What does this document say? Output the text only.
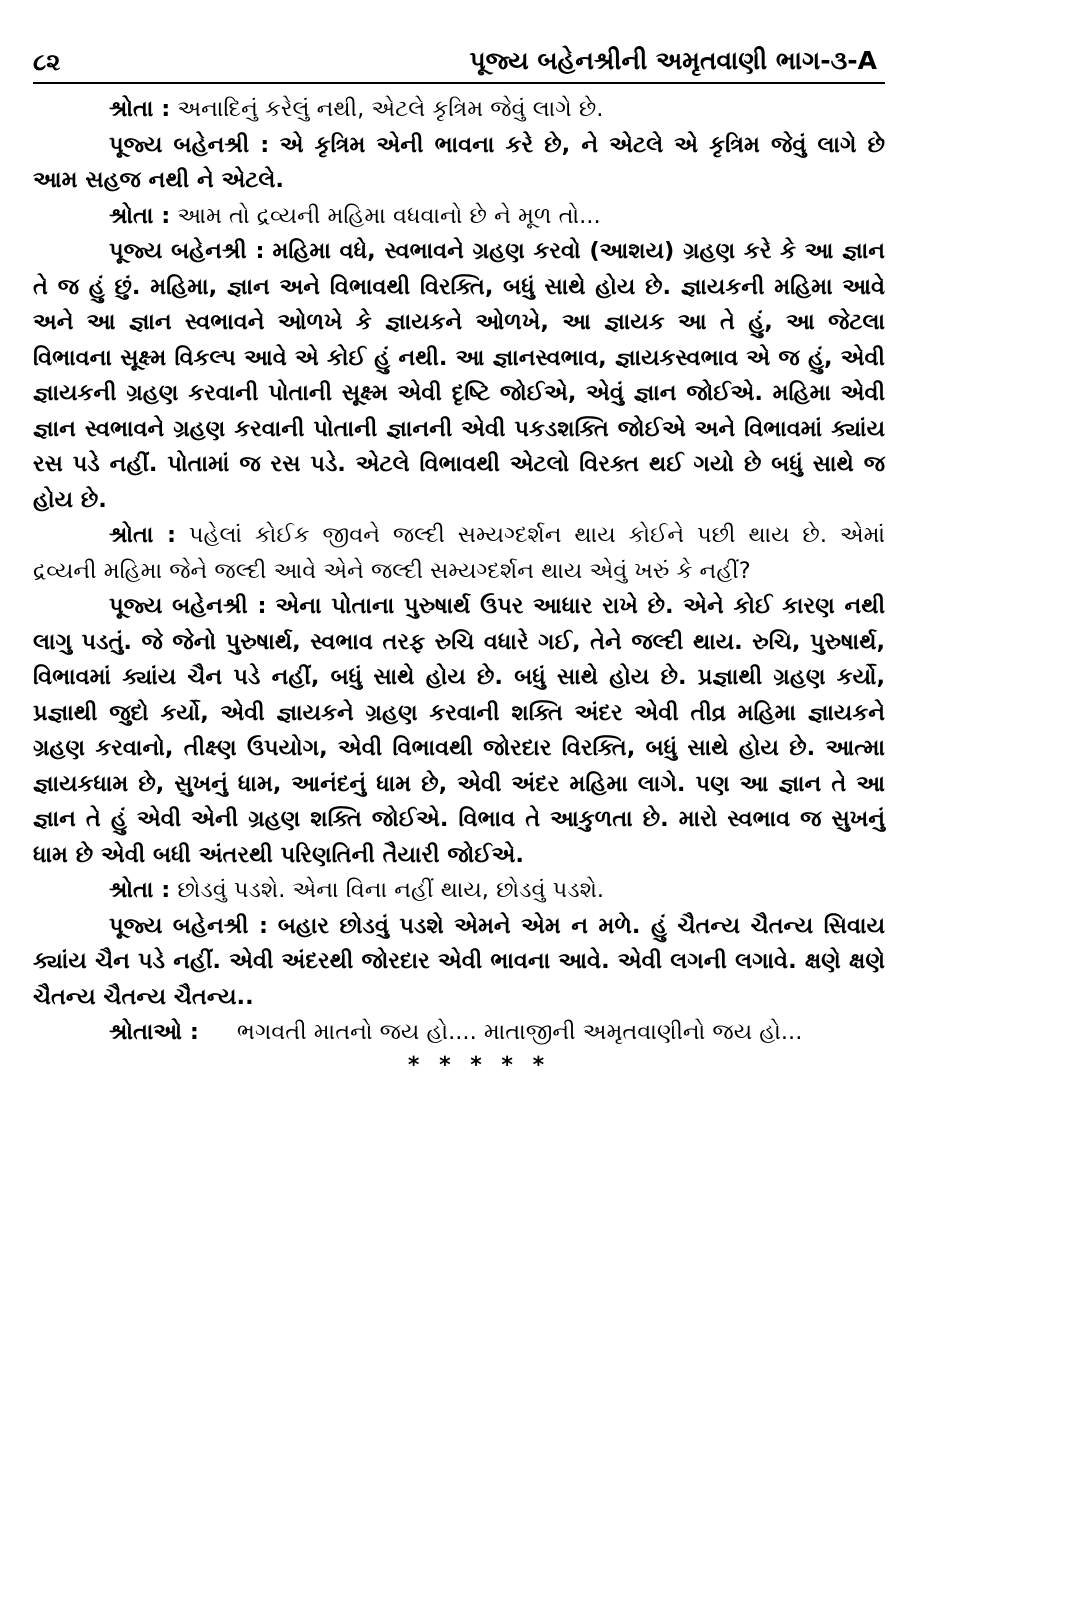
૮૨	પૂજ્ય બહેનશ્રીની અમૃતવાણી ભાગ-૩-A

શ્રોતા : અનાદિનું કરેલું નથી, એટલે કૃત્રિમ જેવું લાગે છે.

પૂજ્ય બહેનશ્રી : એ કૃત્રિમ એની ભાવના કરે છે, ને એટલે એ કૃત્રિમ જેવું લાગે છે આમ સહજ નથી ને એટલે.

શ્રોતા : આમ તો દ્રવ્યની મહિમા વધવાનો છે ને મૂળ તો...

પૂજ્ય બહેનશ્રી : મહિમા વધે, સ્વભાવને ગ્રહણ કરવો (આશય) ગ્રહણ કરે કે આ જ્ઞાન તે જ હું છું. મહિમા, જ્ઞાન અને વિભાવથી વિરક્તિ, બધું સાથે હોય છે. જ્ઞાયકની મહિમા આવે અને આ જ્ઞાન સ્વભાવને ઓળખે કે જ્ઞાયકને ઓળખે, આ જ્ઞાયક આ તે હું, આ જેટલા વિભાવના સૂક્ષ્મ વિકલ્પ આવે એ કોઈ હું નથી. આ જ્ઞાનસ્વભાવ, જ્ઞાયકસ્વભાવ એ જ હું, એવી જ્ઞાયકની ગ્રહણ કરવાની પોતાની સૂક્ષ્મ એવી દૃષ્ટિ જોઈએ, એવું જ્ઞાન જોઈએ. મહિમા એવી જ્ઞાન સ્વભાવને ગ્રહણ કરવાની પોતાની જ્ઞાનની એવી પકડશક્તિ જોઈએ અને વિભાવમાં ક્યાંય રસ પડે નહીં. પોતામાં જ રસ પડે. એટલે વિભાવથી એટલો વિરક્ત થઈ ગયો છે બધું સાથે જ હોય છે.

શ્રોતા : પહેલાં કોઈક જીવને જલ્દી સમ્યગ્દર્શન થાય કોઈને પછી થાય છે. એમાં દ્રવ્યની મહિમા જેને જલ્દી આવે એને જલ્દી સમ્યગ્દર્શન થાય એવું ખરું કે નહીં?

પૂજ્ય બહેનશ્રી : એના પોતાના પુરુષાર્થ ઉપર આધાર રાખે છે. એને કોઈ કારણ નથી લાગુ પડતું. જે જેનો પુરુષાર્થ, સ્વભાવ તરફ રુચિ વધારે ગઈ, તેને જલ્દી થાય. રુચિ, પુરુષાર્થ, વિભાવમાં ક્યાંય ચૈન પડે નહીં, બધું સાથે હોય છે. બધું સાથે હોય છે. પ્રજ્ઞાથી ગ્રહણ કર્યો, પ્રજ્ઞાથી જુદો કર્યો, એવી જ્ઞાયકને ગ્રહણ કરવાની શક્તિ અંદર એવી તીવ્ર મહિમા જ્ઞાયકને ગ્રહણ કરવાનો, તીક્ષ્ણ ઉપયોગ, એવી વિભાવથી જોરદાર વિરક્તિ, બધું સાથે હોય છે. આત્મા જ્ઞાયકધામ છે, સુખનું ધામ, આનંદનું ધામ છે, એવી અંદર મહિમા લાગે. પણ આ જ્ઞાન તે આ જ્ઞાન તે હું એવી એની ગ્રહણ શક્તિ જોઈએ. વિભાવ તે આકુળતા છે. મારો સ્વભાવ જ સુખનું ધામ છે એવી બધી અંતરથી પરિણતિની તૈયારી જોઈએ.

શ્રોતા : છોડવું પડશે. એના વિના નહીં થાય, છોડવું પડશે.

પૂજ્ય બહેનશ્રી : બહાર છોડવું પડશે એમને એમ ન મળે. હું ચૈતન્ય ચૈતન્ય સિવાય ક્યાંય ચૈન પડે નહીં. એવી અંદરથી જોરદાર એવી ભાવના આવે. એવી લગની લગાવે. ક્ષણે ક્ષણે ચૈતન્ય ચૈતન્ય ચૈતન્ય..

શ્રોતાઓ : ભગવતી માતનો જય હો.... માતાજીની અમૃતવાણીનો જય હો...

* * * * *
